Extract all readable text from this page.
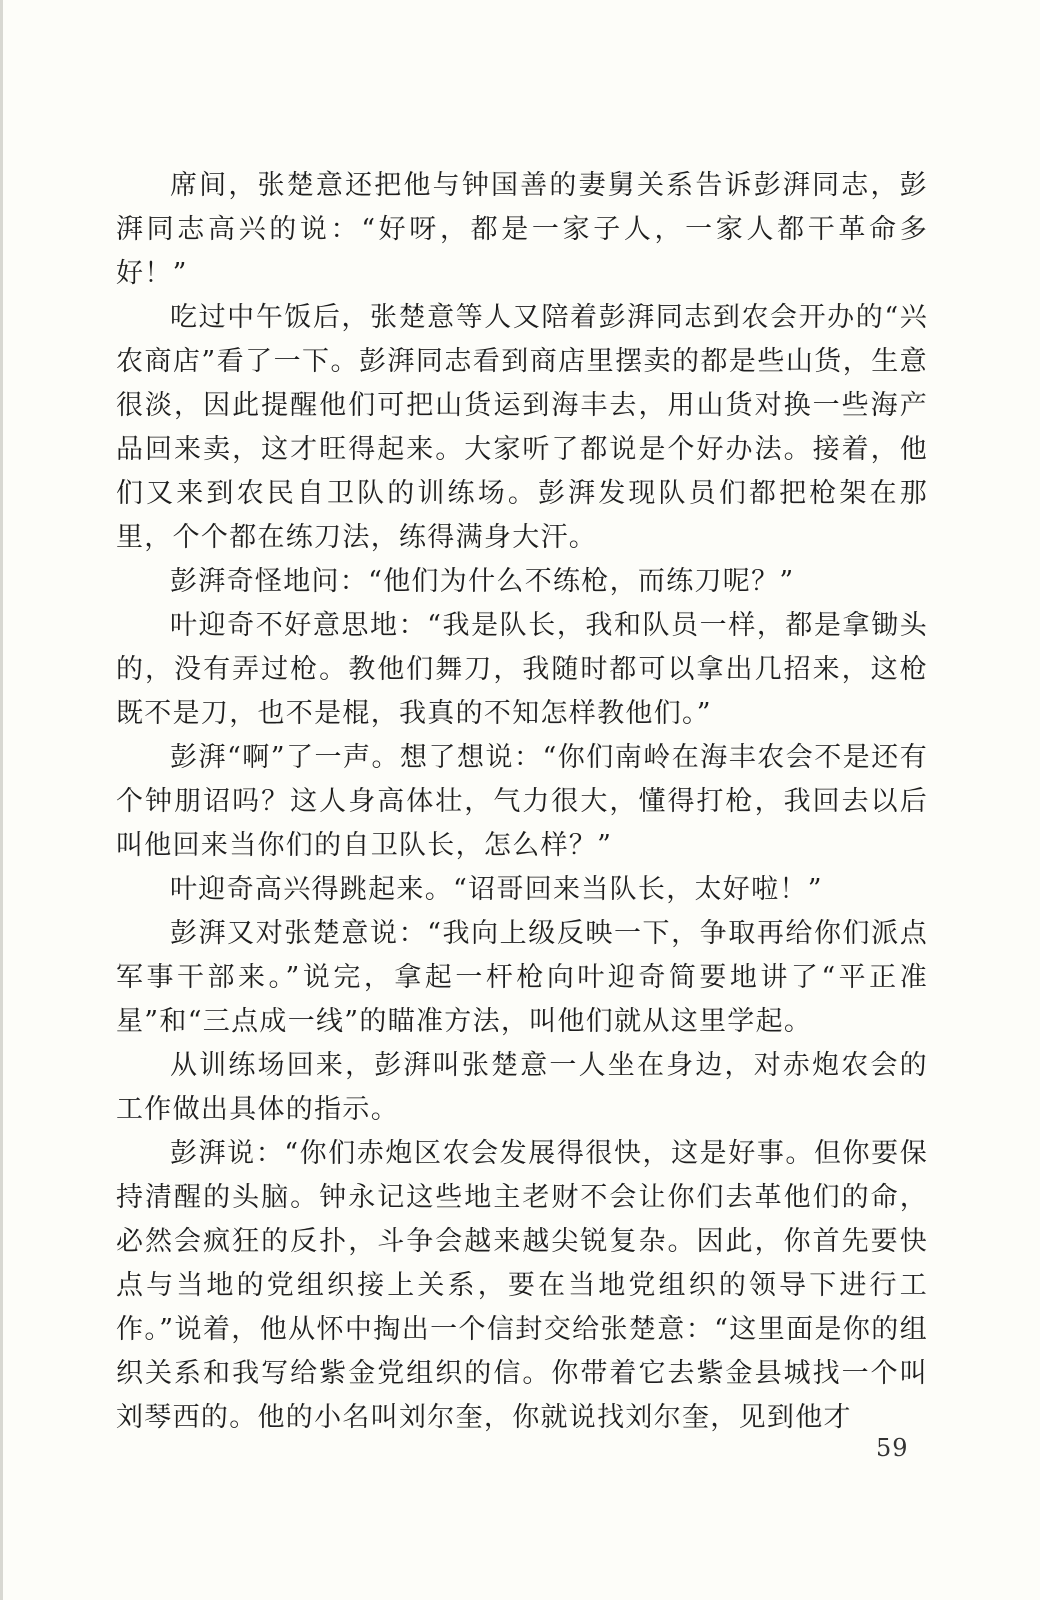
席间，张楚意还把他与钟国善的妻舅关系告诉彭湃同志，彭湃同志高兴的说：“好呀，都是一家子人，一家人都干革命多好！”

吃过中午饭后，张楚意等人又陪着彭湃同志到农会开办的“兴农商店”看了一下。彭湃同志看到商店里摆卖的都是些山货，生意很淡，因此提醒他们可把山货运到海丰去，用山货对换一些海产品回来卖，这才旺得起来。大家听了都说是个好办法。接着，他们又来到农民自卫队的训练场。彭湃发现队员们都把枪架在那里，个个都在练刀法，练得满身大汗。

彭湃奇怪地问：“他们为什么不练枪，而练刀呢？”

叶迎奇不好意思地：“我是队长，我和队员一样，都是拿锄头的，没有弄过枪。教他们舞刀，我随时都可以拿出几招来，这枪既不是刀，也不是棍，我真的不知怎样教他们。”

彭湃“啊”了一声。想了想说：“你们南岭在海丰农会不是还有个钟朋诏吗？这人身高体壮，气力很大，懂得打枪，我回去以后叫他回来当你们的自卫队长，怎么样？”

叶迎奇高兴得跳起来。“诏哥回来当队长，太好啦！”

彭湃又对张楚意说：“我向上级反映一下，争取再给你们派点军事干部来。”说完，拿起一杆枪向叶迎奇简要地讲了“平正准星”和“三点成一线”的瞄准方法，叫他们就从这里学起。

从训练场回来，彭湃叫张楚意一人坐在身边，对赤炮农会的工作做出具体的指示。

彭湃说：“你们赤炮区农会发展得很快，这是好事。但你要保持清醒的头脑。钟永记这些地主老财不会让你们去革他们的命，必然会疯狂的反扑，斗争会越来越尖锐复杂。因此，你首先要快点与当地的党组织接上关系，要在当地党组织的领导下进行工作。”说着，他从怀中掏出一个信封交给张楚意：“这里面是你的组织关系和我写给紫金党组织的信。你带着它去紫金县城找一个叫刘琴西的。他的小名叫刘尔奎，你就说找刘尔奎，见到他才

59
